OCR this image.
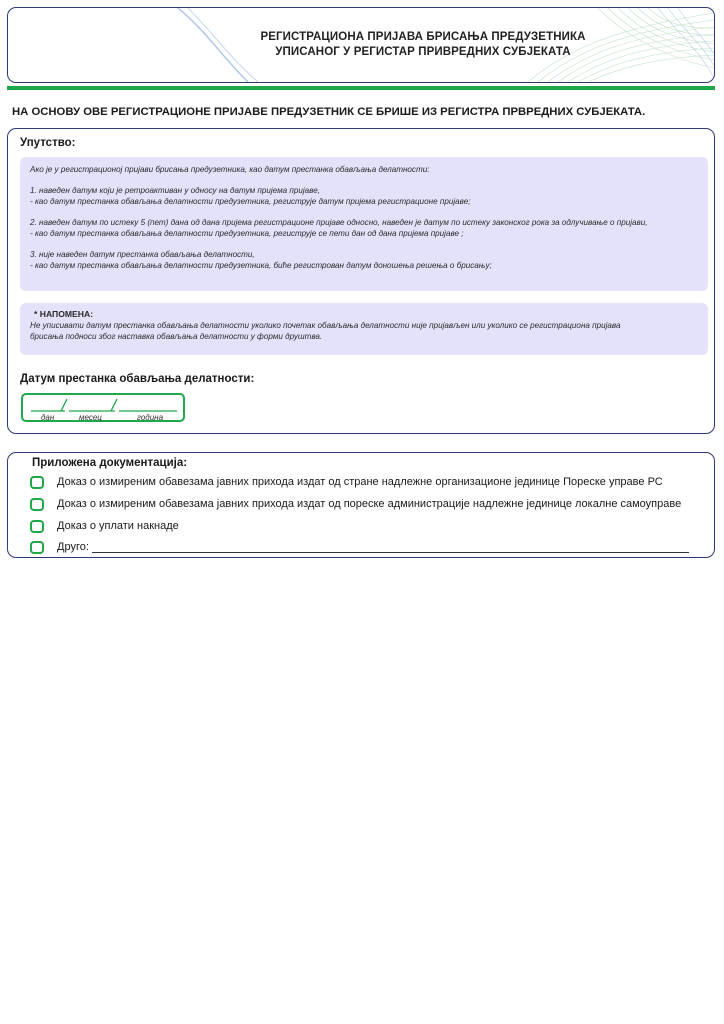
РЕГИСТРАЦИОНА ПРИЈАВА БРИСАЊА ПРЕДУЗЕТНИКА
УПИСАНОГ У РЕГИСТАР ПРИВРЕДНИХ СУБЈЕКАТА
НА ОСНОВУ ОВЕ РЕГИСТРАЦИОНЕ ПРИЈАВЕ ПРЕДУЗЕТНИК СЕ БРИШЕ ИЗ РЕГИСТРА ПРВРЕДНИХ СУБЈЕКАТА.
Упутство:

Ако је у регистрационој пријави брисања предузетника, као датум престанка обављања делатности:

1. наведен датум који је ретроактиван у односу на датум пријема пријаве,

- као датум престанка обављања делатности предузетника, региструје датум пријема регистрационе пријаве;

2. наведен датум по истеку 5 (пет) дана од дана пријема регистрационе пријаве односно, наведен је датум по истеку законског рока за одлучивање о пријави,

- као датум престанка обављања делатности предузетника, региструје се пети дан од дана пријема пријаве ;

3. није наведен датум престанка обављања делатности,

- као датум престанка обављања делатности предузетника, биће регистрован датум доношења решења о брисању;

* НАПОМЕНА:

Не уписивати датум престанка обављања делатности уколико почетак обављања делатности није пријављен или уколико се регистрациона пријава

брисања подноси због наставка обављања делатности у форми друштва.

Датум престанка обављања делатности:
дан	месец	година
Приложена документација:
Доказ о измиреним обавезама јавних прихода издат од стране надлежне организационе јединице Пореске управе РС
Доказ о измиреним обавезама јавних прихода издат од пореске администрације надлежне јединице локалне самоуправе
Доказ о уплати накнаде
Друго:
